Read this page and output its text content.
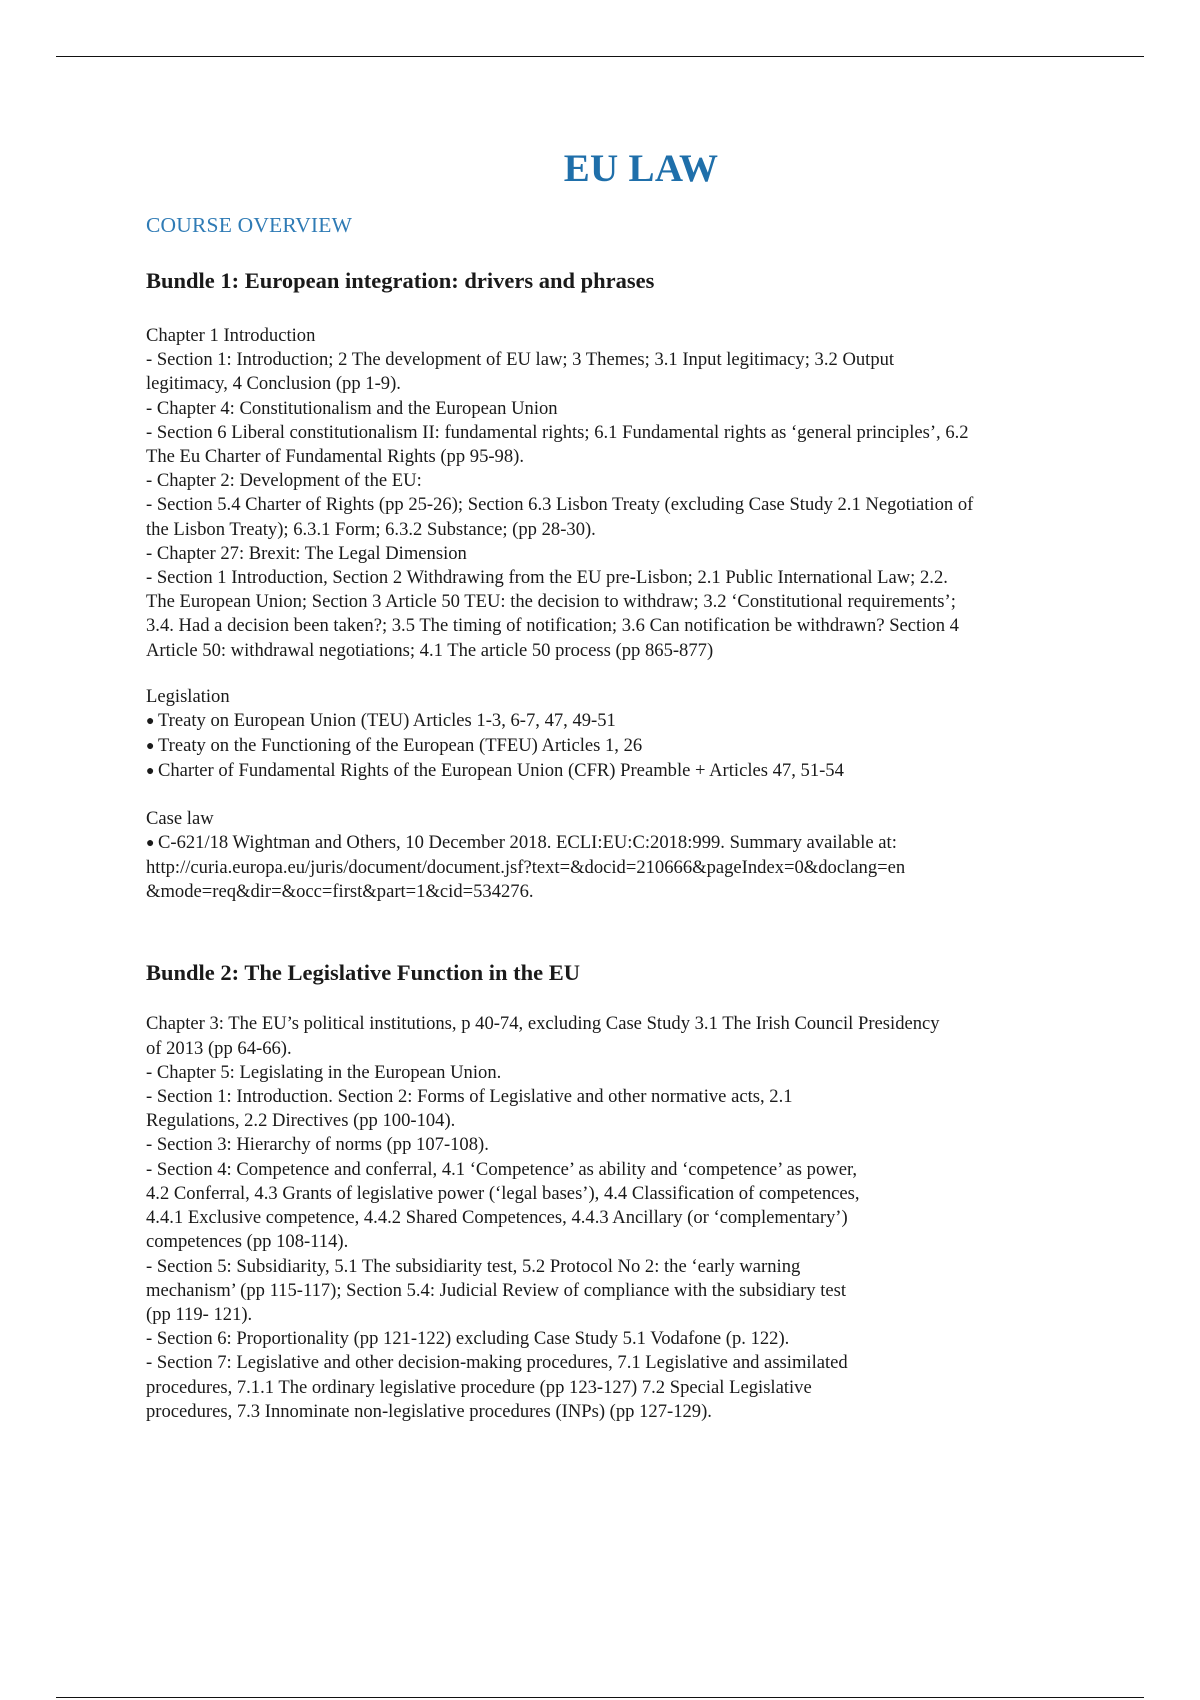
EU LAW
COURSE OVERVIEW
Bundle 1: European integration: drivers and phrases

Chapter 1 Introduction

- Section 1: Introduction; 2 The development of EU law; 3 Themes; 3.1 Input legitimacy; 3.2 Output

legitimacy, 4 Conclusion (pp 1-9).

- Chapter 4: Constitutionalism and the European Union

- Section 6 Liberal constitutionalism II: fundamental rights; 6.1 Fundamental rights as ‘general principles’, 6.2

The Eu Charter of Fundamental Rights (pp 95-98).

- Chapter 2: Development of the EU:

- Section 5.4 Charter of Rights (pp 25-26); Section 6.3 Lisbon Treaty (excluding Case Study 2.1 Negotiation of

the Lisbon Treaty); 6.3.1 Form; 6.3.2 Substance; (pp 28-30).

- Chapter 27: Brexit: The Legal Dimension

- Section 1 Introduction, Section 2 Withdrawing from the EU pre-Lisbon; 2.1 Public International Law; 2.2.

The European Union; Section 3 Article 50 TEU: the decision to withdraw; 3.2 ‘Constitutional requirements’;

3.4. Had a decision been taken?; 3.5 The timing of notification; 3.6 Can notification be withdrawn? Section 4

Article 50: withdrawal negotiations; 4.1 The article 50 process (pp 865-877)

Legislation

● Treaty on European Union (TEU) Articles 1-3, 6-7, 47, 49-51

● Treaty on the Functioning of the European (TFEU) Articles 1, 26

● Charter of Fundamental Rights of the European Union (CFR) Preamble + Articles 47, 51-54

Case law

● C-621/18 Wightman and Others, 10 December 2018. ECLI:EU:C:2018:999. Summary available at:

http://curia.europa.eu/juris/document/document.jsf?text=&docid=210666&pageIndex=0&doclang=en

&mode=req&dir=&occ=first&part=1&cid=534276.

Bundle 2: The Legislative Function in the EU

Chapter 3: The EU’s political institutions, p 40-74, excluding Case Study 3.1 The Irish Council Presidency

of 2013 (pp 64-66).

- Chapter 5: Legislating in the European Union.

- Section 1: Introduction. Section 2: Forms of Legislative and other normative acts, 2.1

Regulations, 2.2 Directives (pp 100-104).

- Section 3: Hierarchy of norms (pp 107-108).

- Section 4: Competence and conferral, 4.1 ‘Competence’ as ability and ‘competence’ as power,

4.2 Conferral, 4.3 Grants of legislative power (‘legal bases’), 4.4 Classification of competences,

4.4.1 Exclusive competence, 4.4.2 Shared Competences, 4.4.3 Ancillary (or ‘complementary’)

competences (pp 108-114).

- Section 5: Subsidiarity, 5.1 The subsidiarity test, 5.2 Protocol No 2: the ‘early warning

mechanism’ (pp 115-117); Section 5.4: Judicial Review of compliance with the subsidiary test

(pp 119- 121).

- Section 6: Proportionality (pp 121-122) excluding Case Study 5.1 Vodafone (p. 122).

- Section 7: Legislative and other decision-making procedures, 7.1 Legislative and assimilated

procedures, 7.1.1 The ordinary legislative procedure (pp 123-127) 7.2 Special Legislative

procedures, 7.3 Innominate non-legislative procedures (INPs) (pp 127-129).
